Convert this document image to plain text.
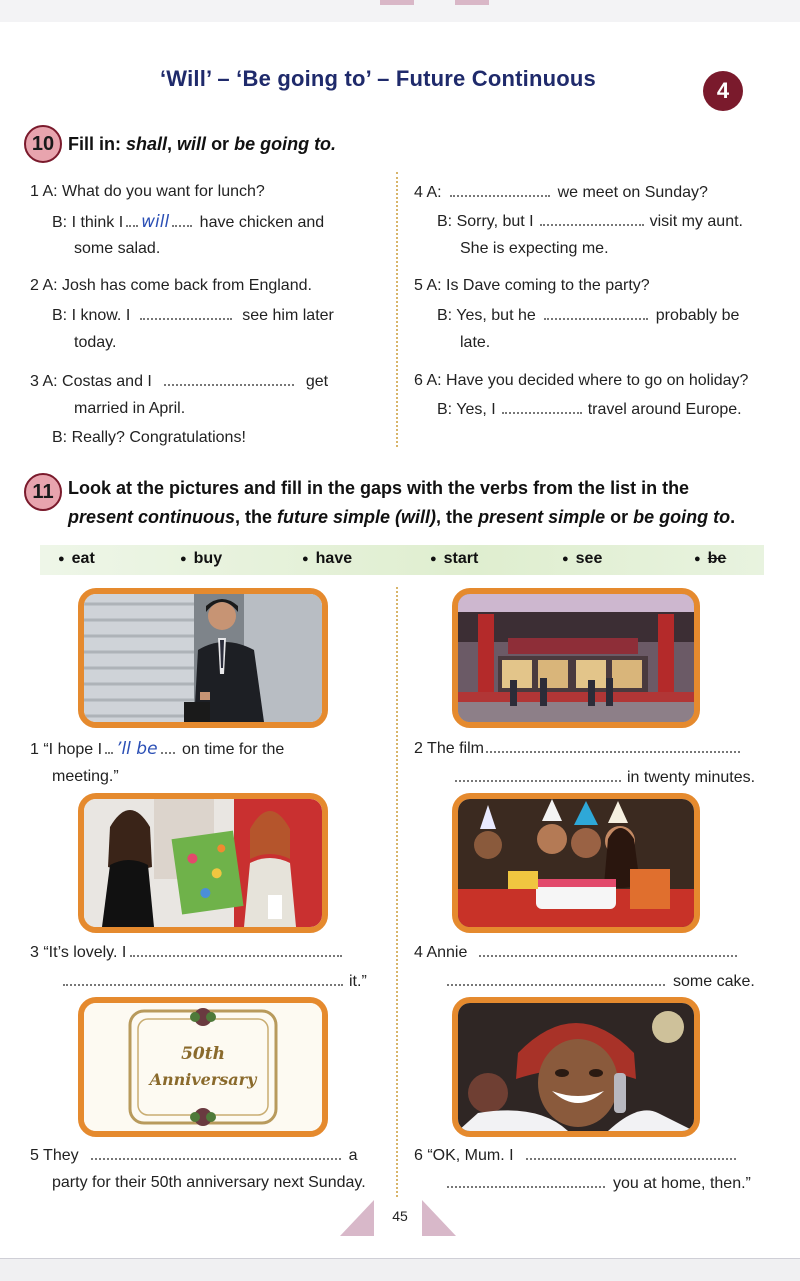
‘Will’ – ‘Be going to’ – Future Continuous	4
10 Fill in: shall, will or be going to.
1 A: What do you want for lunch?
B: I think I will have chicken and
some salad.
2 A: Josh has come back from England.
B: I know. I	see him later
today.
3 A: Costas and I	get
married in April.
B: Really? Congratulations!
4 A:	we meet on Sunday?
B: Sorry, but I	visit my aunt.
She is expecting me.
5 A: Is Dave coming to the party?
B: Yes, but he	probably be
late.
6 A: Have you decided where to go on holiday?
B: Yes, I	travel around Europe.
11 Look at the pictures and fill in the gaps with the verbs from the list in the
present continuous, the future simple (will), the present simple or be going to.
● eat	● buy	● have	● start	● see	● be
1 “I hope I ’ll be on time for the
meeting.”
2 The film
in twenty minutes.
3 “It’s lovely. I
it.”
4 Annie
some cake.
50th
Anniversary
5 They	a
party for their 50th anniversary next Sunday.
6 “OK, Mum. I
you at home, then.”
45
